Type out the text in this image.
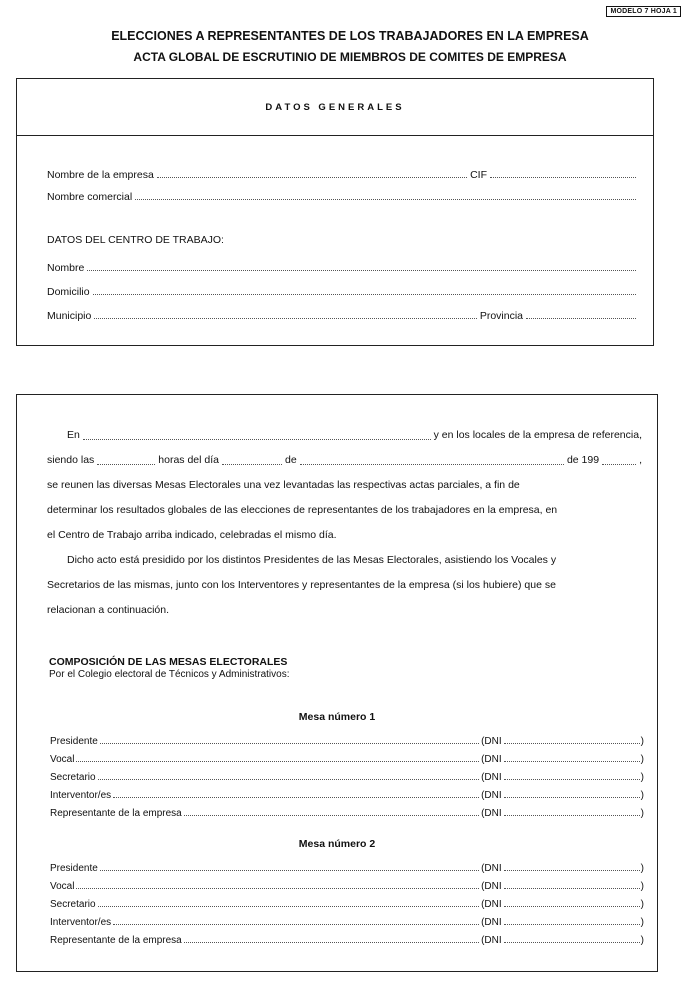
MODELO 7 HOJA 1
ELECCIONES A REPRESENTANTES DE LOS TRABAJADORES EN LA EMPRESA
ACTA GLOBAL DE ESCRUTINIO DE MIEMBROS DE COMITES DE EMPRESA
DATOS GENERALES
Nombre de la empresa	CIF
Nombre comercial
DATOS DEL CENTRO DE TRABAJO:
Nombre
Domicilio
Municipio	Provincia
En	y en los locales de la empresa de referencia,
siendo las	horas del día	de	de 199	,
se reunen las diversas Mesas Electorales una vez levantadas las respectivas actas parciales, a fin de
determinar los resultados globales de las elecciones de representantes de los trabajadores en la empresa, en
el Centro de Trabajo arriba indicado, celebradas el mismo día.
Dicho acto está presidido por los distintos Presidentes de las Mesas Electorales, asistiendo los Vocales y
Secretarios de las mismas, junto con los Interventores y representantes de la empresa (si los hubiere) que se
relacionan a continuación.
COMPOSICIÓN DE LAS MESAS ELECTORALES
Por el Colegio electoral de Técnicos y Administrativos:
Mesa número 1
Presidente	(DNI	)
Vocal	(DNI	)
Secretario	(DNI	)
Interventor/es	(DNI	)
Representante de la empresa	(DNI	)
Mesa número 2
Presidente	(DNI	)
Vocal	(DNI	)
Secretario	(DNI	)
Interventor/es	(DNI	)
Representante de la empresa	(DNI	)
